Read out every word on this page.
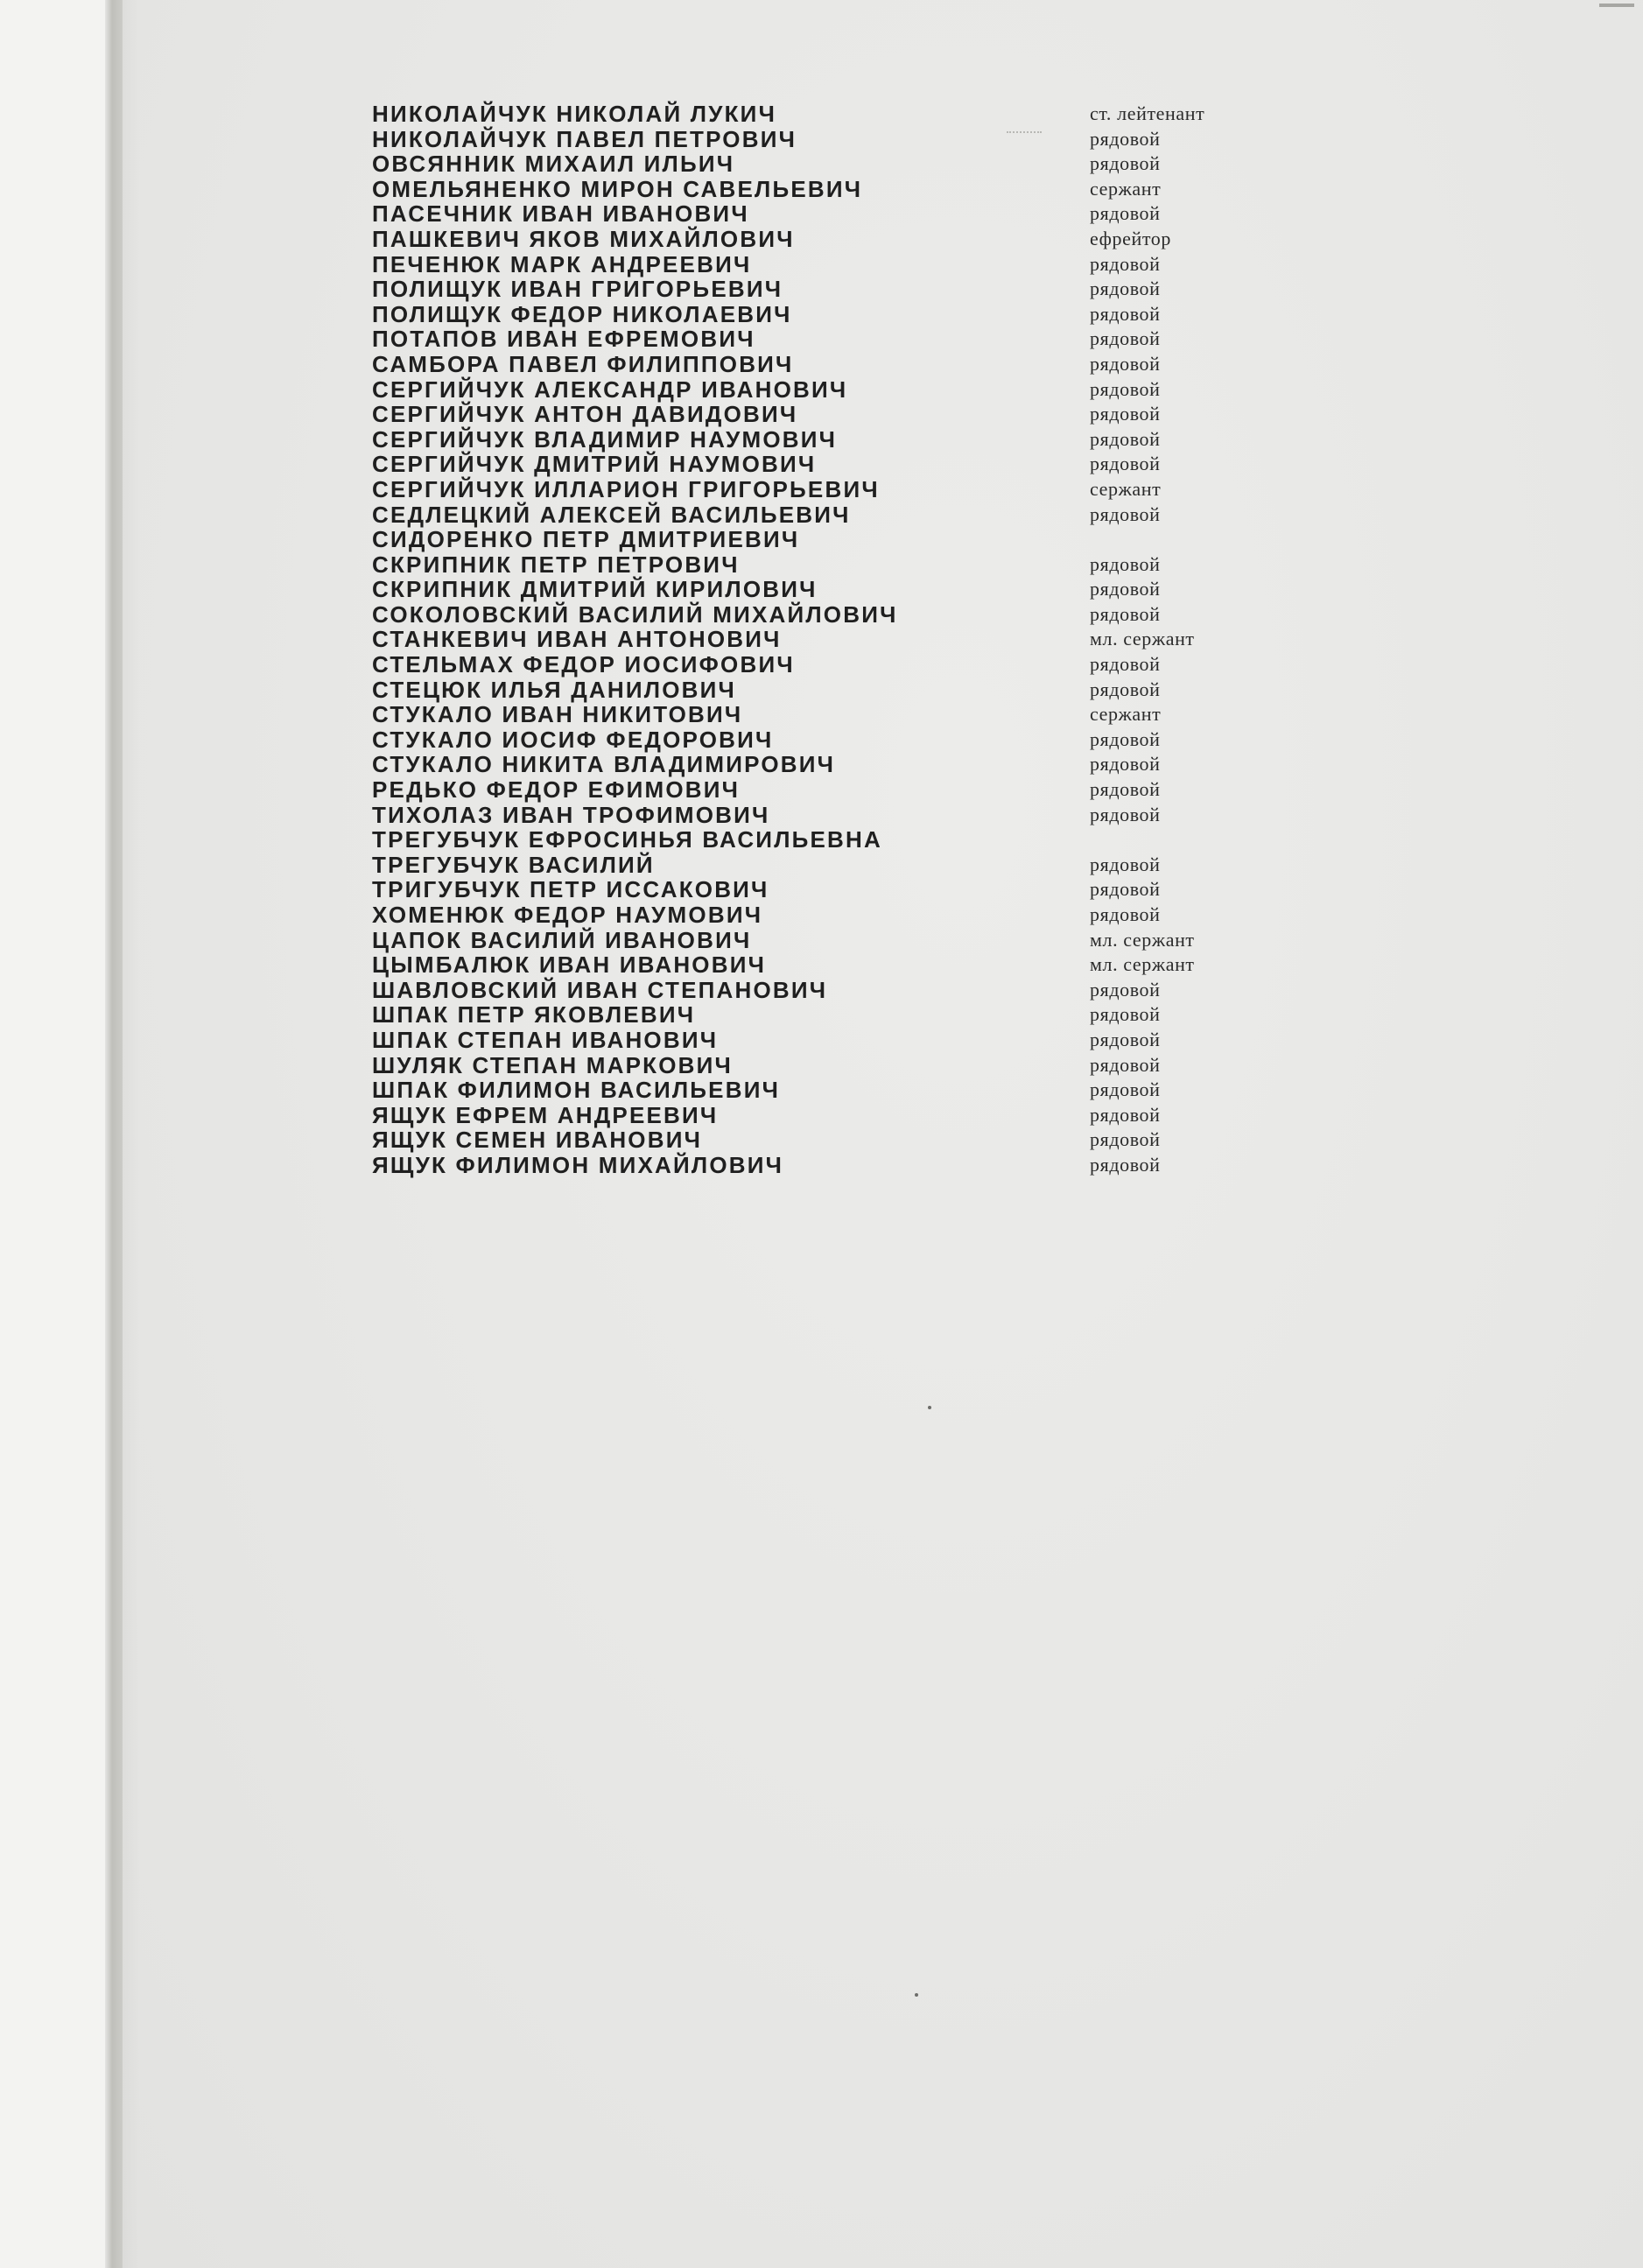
НИКОЛАЙЧУК НИКОЛАЙ ЛУКИЧ	ст. лейтенант
НИКОЛАЙЧУК ПАВЕЛ ПЕТРОВИЧ	рядовой
ОВСЯННИК МИХАИЛ ИЛЬИЧ	рядовой
ОМЕЛЬЯНЕНКО МИРОН САВЕЛЬЕВИЧ	сержант
ПАСЕЧНИК ИВАН ИВАНОВИЧ	рядовой
ПАШКЕВИЧ ЯКОВ МИХАЙЛОВИЧ	ефрейтор
ПЕЧЕНЮК МАРК АНДРЕЕВИЧ	рядовой
ПОЛИЩУК ИВАН ГРИГОРЬЕВИЧ	рядовой
ПОЛИЩУК ФЕДОР НИКОЛАЕВИЧ	рядовой
ПОТАПОВ ИВАН ЕФРЕМОВИЧ	рядовой
САМБОРА ПАВЕЛ ФИЛИППОВИЧ	рядовой
СЕРГИЙЧУК АЛЕКСАНДР ИВАНОВИЧ	рядовой
СЕРГИЙЧУК АНТОН ДАВИДОВИЧ	рядовой
СЕРГИЙЧУК ВЛАДИМИР НАУМОВИЧ	рядовой
СЕРГИЙЧУК ДМИТРИЙ НАУМОВИЧ	рядовой
СЕРГИЙЧУК ИЛЛАРИОН ГРИГОРЬЕВИЧ	сержант
СЕДЛЕЦКИЙ АЛЕКСЕЙ ВАСИЛЬЕВИЧ	рядовой
СИДОРЕНКО ПЕТР ДМИТРИЕВИЧ
СКРИПНИК ПЕТР ПЕТРОВИЧ	рядовой
СКРИПНИК ДМИТРИЙ КИРИЛОВИЧ	рядовой
СОКОЛОВСКИЙ ВАСИЛИЙ МИХАЙЛОВИЧ	рядовой
СТАНКЕВИЧ ИВАН АНТОНОВИЧ	мл. сержант
СТЕЛЬМАХ ФЕДОР ИОСИФОВИЧ	рядовой
СТЕЦЮК ИЛЬЯ ДАНИЛОВИЧ	рядовой
СТУКАЛО ИВАН НИКИТОВИЧ	сержант
СТУКАЛО ИОСИФ ФЕДОРОВИЧ	рядовой
СТУКАЛО НИКИТА ВЛАДИМИРОВИЧ	рядовой
РЕДЬКО ФЕДОР ЕФИМОВИЧ	рядовой
ТИХОЛАЗ ИВАН ТРОФИМОВИЧ	рядовой
ТРЕГУБЧУК ЕФРОСИНЬЯ ВАСИЛЬЕВНА
ТРЕГУБЧУК ВАСИЛИЙ	рядовой
ТРИГУБЧУК ПЕТР ИССАКОВИЧ	рядовой
ХОМЕНЮК ФЕДОР НАУМОВИЧ	рядовой
ЦАПОК ВАСИЛИЙ ИВАНОВИЧ	мл. сержант
ЦЫМБАЛЮК ИВАН ИВАНОВИЧ	мл. сержант
ШАВЛОВСКИЙ ИВАН СТЕПАНОВИЧ	рядовой
ШПАК ПЕТР ЯКОВЛЕВИЧ	рядовой
ШПАК СТЕПАН ИВАНОВИЧ	рядовой
ШУЛЯК СТЕПАН МАРКОВИЧ	рядовой
ШПАК ФИЛИМОН ВАСИЛЬЕВИЧ	рядовой
ЯЩУК ЕФРЕМ АНДРЕЕВИЧ	рядовой
ЯЩУК СЕМЕН ИВАНОВИЧ	рядовой
ЯЩУК ФИЛИМОН МИХАЙЛОВИЧ	рядовой
